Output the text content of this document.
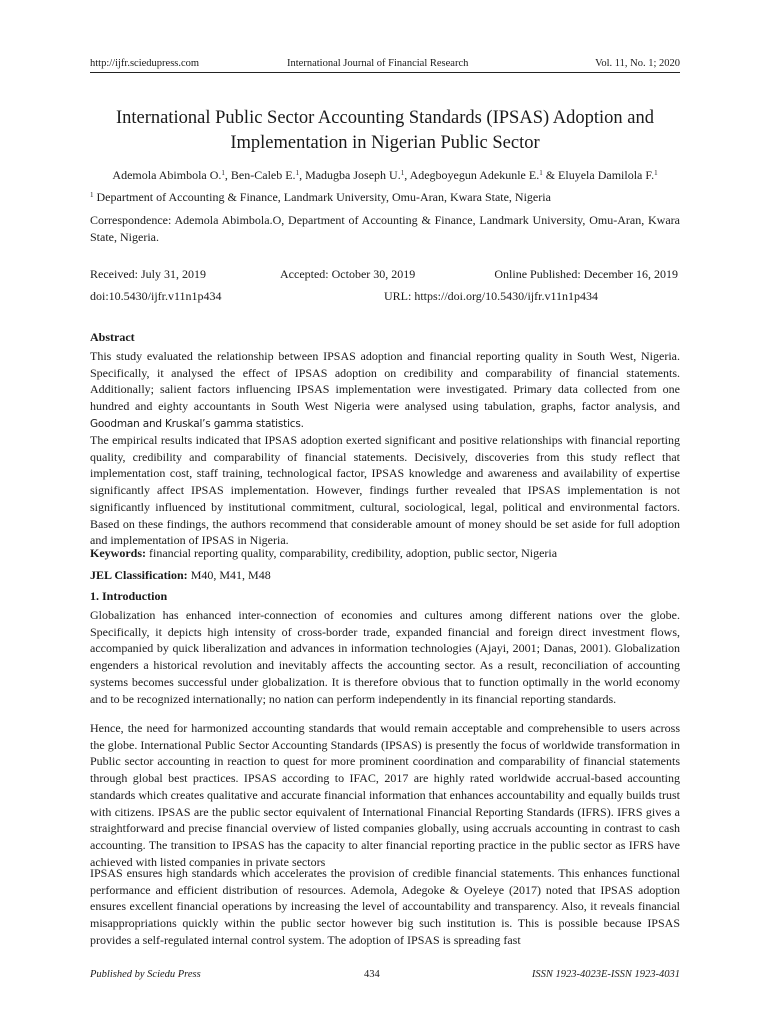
http://ijfr.sciedupress.com	International Journal of Financial Research	Vol. 11, No. 1; 2020
International Public Sector Accounting Standards (IPSAS) Adoption and
Implementation in Nigerian Public Sector
Ademola Abimbola O.$^1$, Ben-Caleb E.$^1$, Madugba Joseph U.$^1$, Adegboyegun Adekunle E.$^1$ & Eluyela Damilola F.$^1$
$^1$ Department of Accounting & Finance, Landmark University, Omu-Aran, Kwara State, Nigeria
Correspondence: Ademola Abimbola.O, Department of Accounting & Finance, Landmark University, Omu-Aran, Kwara State, Nigeria.
Received: July 31, 2019	Accepted: October 30, 2019	Online Published: December 16, 2019
doi:10.5430/ijfr.v11n1p434	URL: https://doi.org/10.5430/ijfr.v11n1p434
Abstract
This study evaluated the relationship between IPSAS adoption and financial reporting quality in South West, Nigeria. Specifically, it analysed the effect of IPSAS adoption on credibility and comparability of financial statements. Additionally; salient factors influencing IPSAS implementation were investigated. Primary data collected from one hundred and eighty accountants in South West Nigeria were analysed using tabulation, graphs, factor analysis, and Goodman and Kruskal’s gamma statistics.
The empirical results indicated that IPSAS adoption exerted significant and positive relationships with financial reporting quality, credibility and comparability of financial statements. Decisively, discoveries from this study reflect that implementation cost, staff training, technological factor, IPSAS knowledge and awareness and availability of expertise significantly affect IPSAS implementation. However, findings further revealed that IPSAS implementation is not significantly influenced by institutional commitment, cultural, sociological, legal, political and environmental factors. Based on these findings, the authors recommend that considerable amount of money should be set aside for full adoption and implementation of IPSAS in Nigeria.
Keywords: financial reporting quality, comparability, credibility, adoption, public sector, Nigeria
JEL Classification: M40, M41, M48
1. Introduction
Globalization has enhanced inter-connection of economies and cultures among different nations over the globe. Specifically, it depicts high intensity of cross-border trade, expanded financial and foreign direct investment flows, accompanied by quick liberalization and advances in information technologies (Ajayi, 2001; Danas, 2001). Globalization engenders a historical revolution and inevitably affects the accounting sector. As a result, reconciliation of accounting systems becomes successful under globalization. It is therefore obvious that to function optimally in the world economy and to be recognized internationally; no nation can perform independently in its financial reporting standards.
Hence, the need for harmonized accounting standards that would remain acceptable and comprehensible to users across the globe. International Public Sector Accounting Standards (IPSAS) is presently the focus of worldwide transformation in Public sector accounting in reaction to quest for more prominent coordination and comparability of financial statements through global best practices. IPSAS according to IFAC, 2017 are highly rated worldwide accrual-based accounting standards which creates qualitative and accurate financial information that enhances accountability and equally builds trust with citizens. IPSAS are the public sector equivalent of International Financial Reporting Standards (IFRS). IFRS gives a straightforward and precise financial overview of listed companies globally, using accruals accounting in contrast to cash accounting. The transition to IPSAS has the capacity to alter financial reporting practice in the public sector as IFRS have achieved with listed companies in private sectors
IPSAS ensures high standards which accelerates the provision of credible financial statements. This enhances functional performance and efficient distribution of resources. Ademola, Adegoke & Oyeleye (2017) noted that IPSAS adoption ensures excellent financial operations by increasing the level of accountability and transparency. Also, it reveals financial misappropriations quickly within the public sector however big such institution is. This is possible because IPSAS provides a self-regulated internal control system. The adoption of IPSAS is spreading fast
Published by Sciedu Press	434	ISSN 1923-4023E-ISSN 1923-4031
